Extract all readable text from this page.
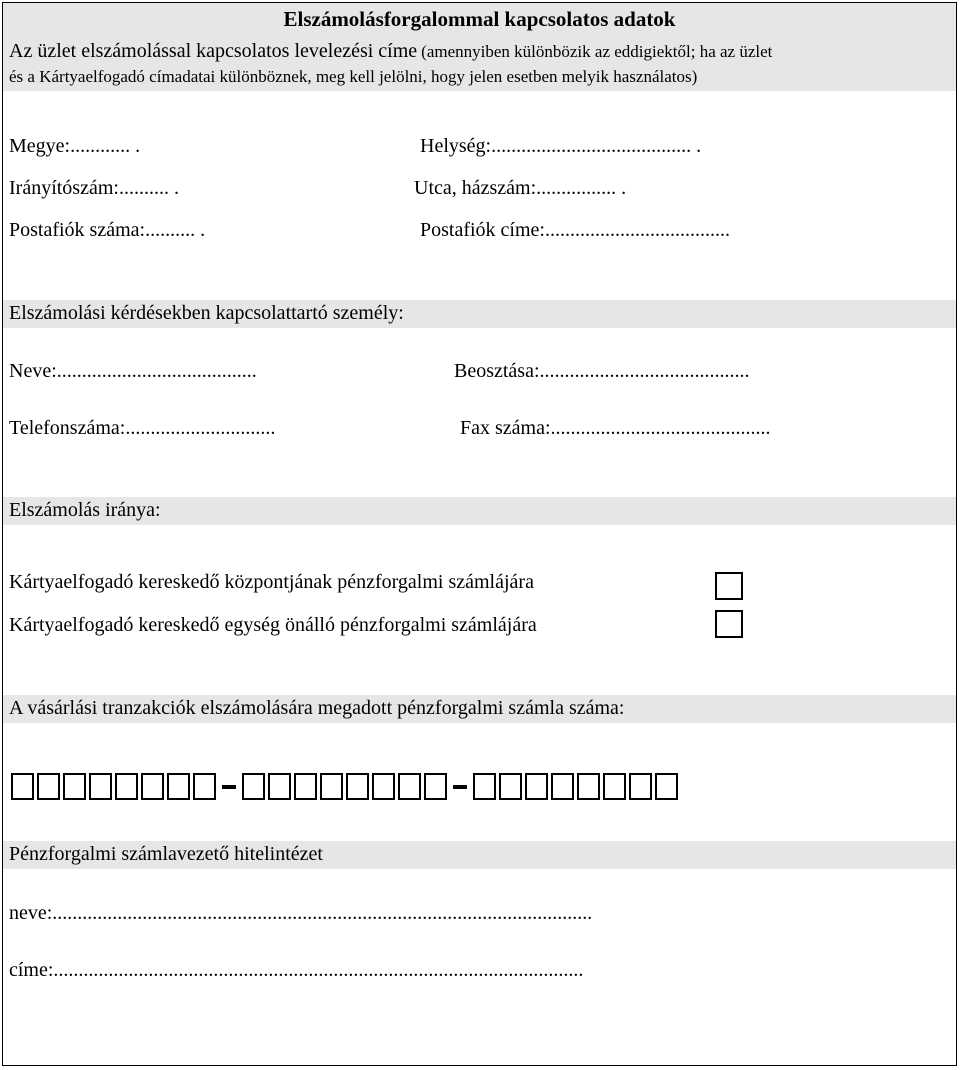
Elszámolásforgalommal kapcsolatos adatok
Az üzlet elszámolással kapcsolatos levelezési címe (amennyiben különbözik az eddigiektől; ha az üzlet
és a Kártyaelfogadó címadatai különböznek, meg kell jelölni, hogy jelen esetben melyik használatos)
Megye:............ .
Irányítószám:.......... .
Postafiók száma:.......... .
Helység:........................................ .
Utca, házszám:................ .
Postafiók címe:.....................................
Elszámolási kérdésekben kapcsolattartó személy:
Neve:........................................	Beosztása:..........................................
Telefonszáma:..............................	Fax száma:............................................
Elszámolás iránya:
Kártyaelfogadó kereskedő központjának pénzforgalmi számlájára
Kártyaelfogadó kereskedő egység önálló pénzforgalmi számlájára
A vásárlási tranzakciók elszámolására megadott pénzforgalmi számla száma:
Pénzforgalmi számlavezető hitelintézet
neve:............................................................................................................
címe:..........................................................................................................
